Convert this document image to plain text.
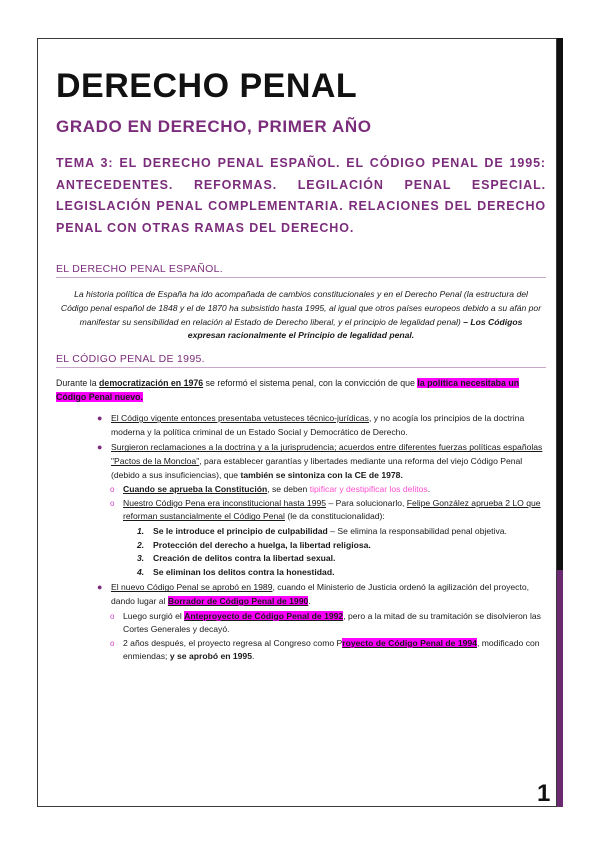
DERECHO PENAL
GRADO EN DERECHO, PRIMER AÑO
TEMA 3: EL DERECHO PENAL ESPAÑOL. EL CÓDIGO PENAL DE 1995: ANTECEDENTES. REFORMAS. LEGILACIÓN PENAL ESPECIAL. LEGISLACIÓN PENAL COMPLEMENTARIA. RELACIONES DEL DERECHO PENAL CON OTRAS RAMAS DEL DERECHO.
EL DERECHO PENAL ESPAÑOL.
La historia política de España ha ido acompañada de cambios constitucionales y en el Derecho Penal (la estructura del Código penal español de 1848 y el de 1870 ha subsistido hasta 1995, al igual que otros países europeos debido a su afán por manifestar su sensibilidad en relación al Estado de Derecho liberal, y el principio de legalidad penal) – Los Códigos expresan racionalmente el Principio de legalidad penal.
EL CÓDIGO PENAL DE 1995.
Durante la democratización en 1976 se reformó el sistema penal, con la convicción de que la política necesitaba un Código Penal nuevo.
● El Código vigente entonces presentaba vetusteces técnico-jurídicas, y no acogía los principios de la doctrina moderna y la política criminal de un Estado Social y Democrático de Derecho.
● Surgieron reclamaciones a la doctrina y a la jurisprudencia; acuerdos entre diferentes fuerzas políticas españolas "Pactos de la Moncloa", para establecer garantías y libertades mediante una reforma del viejo Código Penal (debido a sus insuficiencias), que también se sintoniza con la CE de 1978.
o Cuando se aprueba la Constitución, se deben tipificar y destipificar los delitos.
o Nuestro Código Pena era inconstitucional hasta 1995 – Para solucionarlo, Felipe González aprueba 2 LO que reforman sustancialmente el Código Penal (le da constitucionalidad):
1. Se le introduce el principio de culpabilidad – Se elimina la responsabilidad penal objetiva.
2. Protección del derecho a huelga, la libertad religiosa.
3. Creación de delitos contra la libertad sexual.
4. Se eliminan los delitos contra la honestidad.
● El nuevo Código Penal se aprobó en 1989, cuando el Ministerio de Justicia ordenó la agilización del proyecto, dando lugar al Borrador de Código Penal de 1990.
o Luego surgió el Anteproyecto de Código Penal de 1992, pero a la mitad de su tramitación se disolvieron las Cortes Generales y decayó.
o 2 años después, el proyecto regresa al Congreso como Proyecto de Código Penal de 1994, modificado con enmiendas; y se aprobó en 1995.
1
